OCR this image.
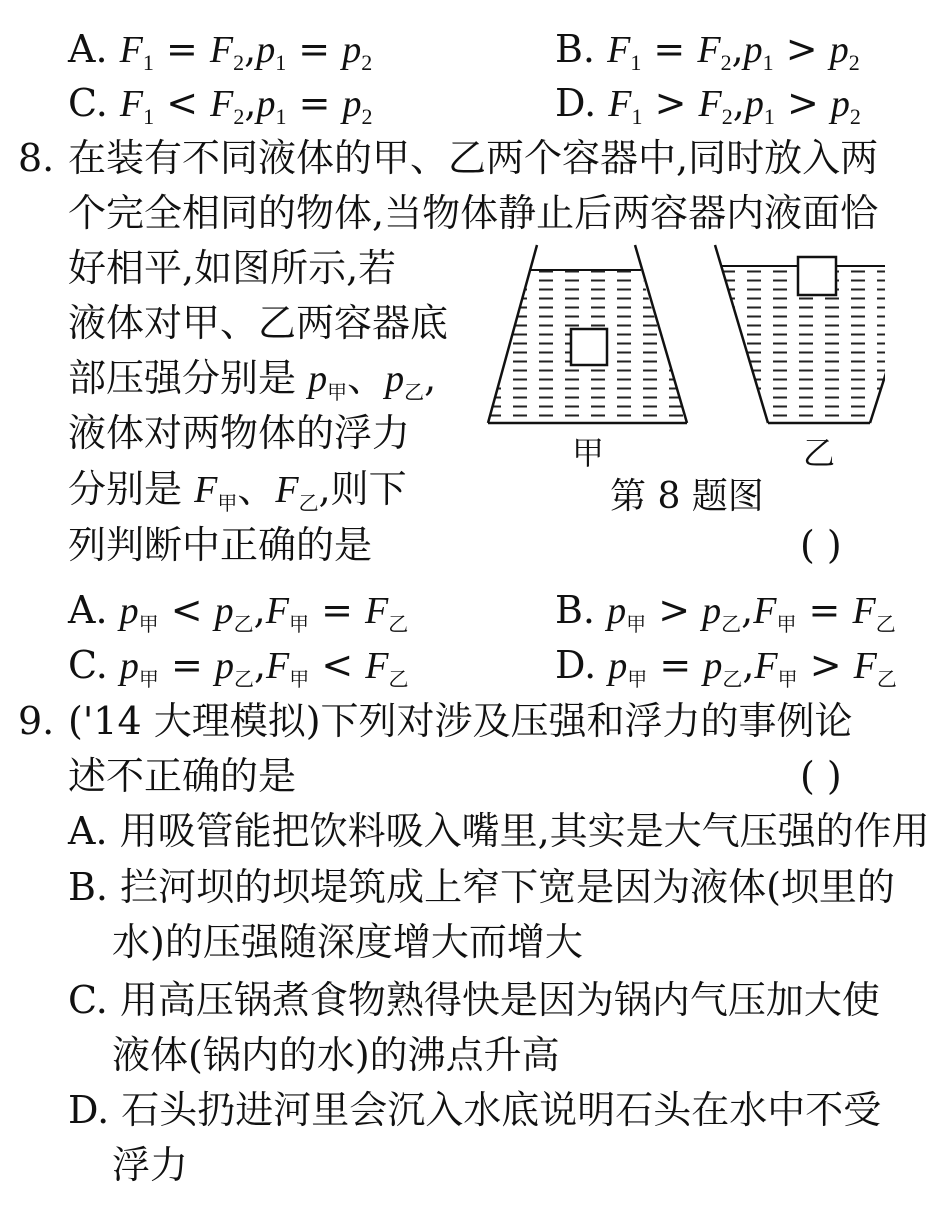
A. $F_1 = F_2,p_1 = p_2$	B. $F_1 = F_2,p_1 > p_2$
C. $F_1 < F_2,p_1 = p_2$	D. $F_1 > F_2,p_1 > p_2$
8. 在装有不同液体的甲、乙两个容器中,同时放入两
个完全相同的物体,当物体静止后两容器内液面恰
好相平,如图所示,若
液体对甲、乙两容器底
部压强分别是 $p_甲$、$p_乙$,
液体对两物体的浮力
分别是 $F_甲$、$F_乙$,则下
列判断中正确的是	( )
甲	乙
第 8 题图
A. $p_甲 < p_乙,F_甲 = F_乙$	B. $p_甲 > p_乙,F_甲 = F_乙$
C. $p_甲 = p_乙,F_甲 < F_乙$	D. $p_甲 = p_乙,F_甲 > F_乙$
9. ('14 大理模拟)下列对涉及压强和浮力的事例论
述不正确的是	( )
A. 用吸管能把饮料吸入嘴里,其实是大气压强的作用
B. 拦河坝的坝堤筑成上窄下宽是因为液体(坝里的
水)的压强随深度增大而增大
C. 用高压锅煮食物熟得快是因为锅内气压加大使
液体(锅内的水)的沸点升高
D. 石头扔进河里会沉入水底说明石头在水中不受
浮力
